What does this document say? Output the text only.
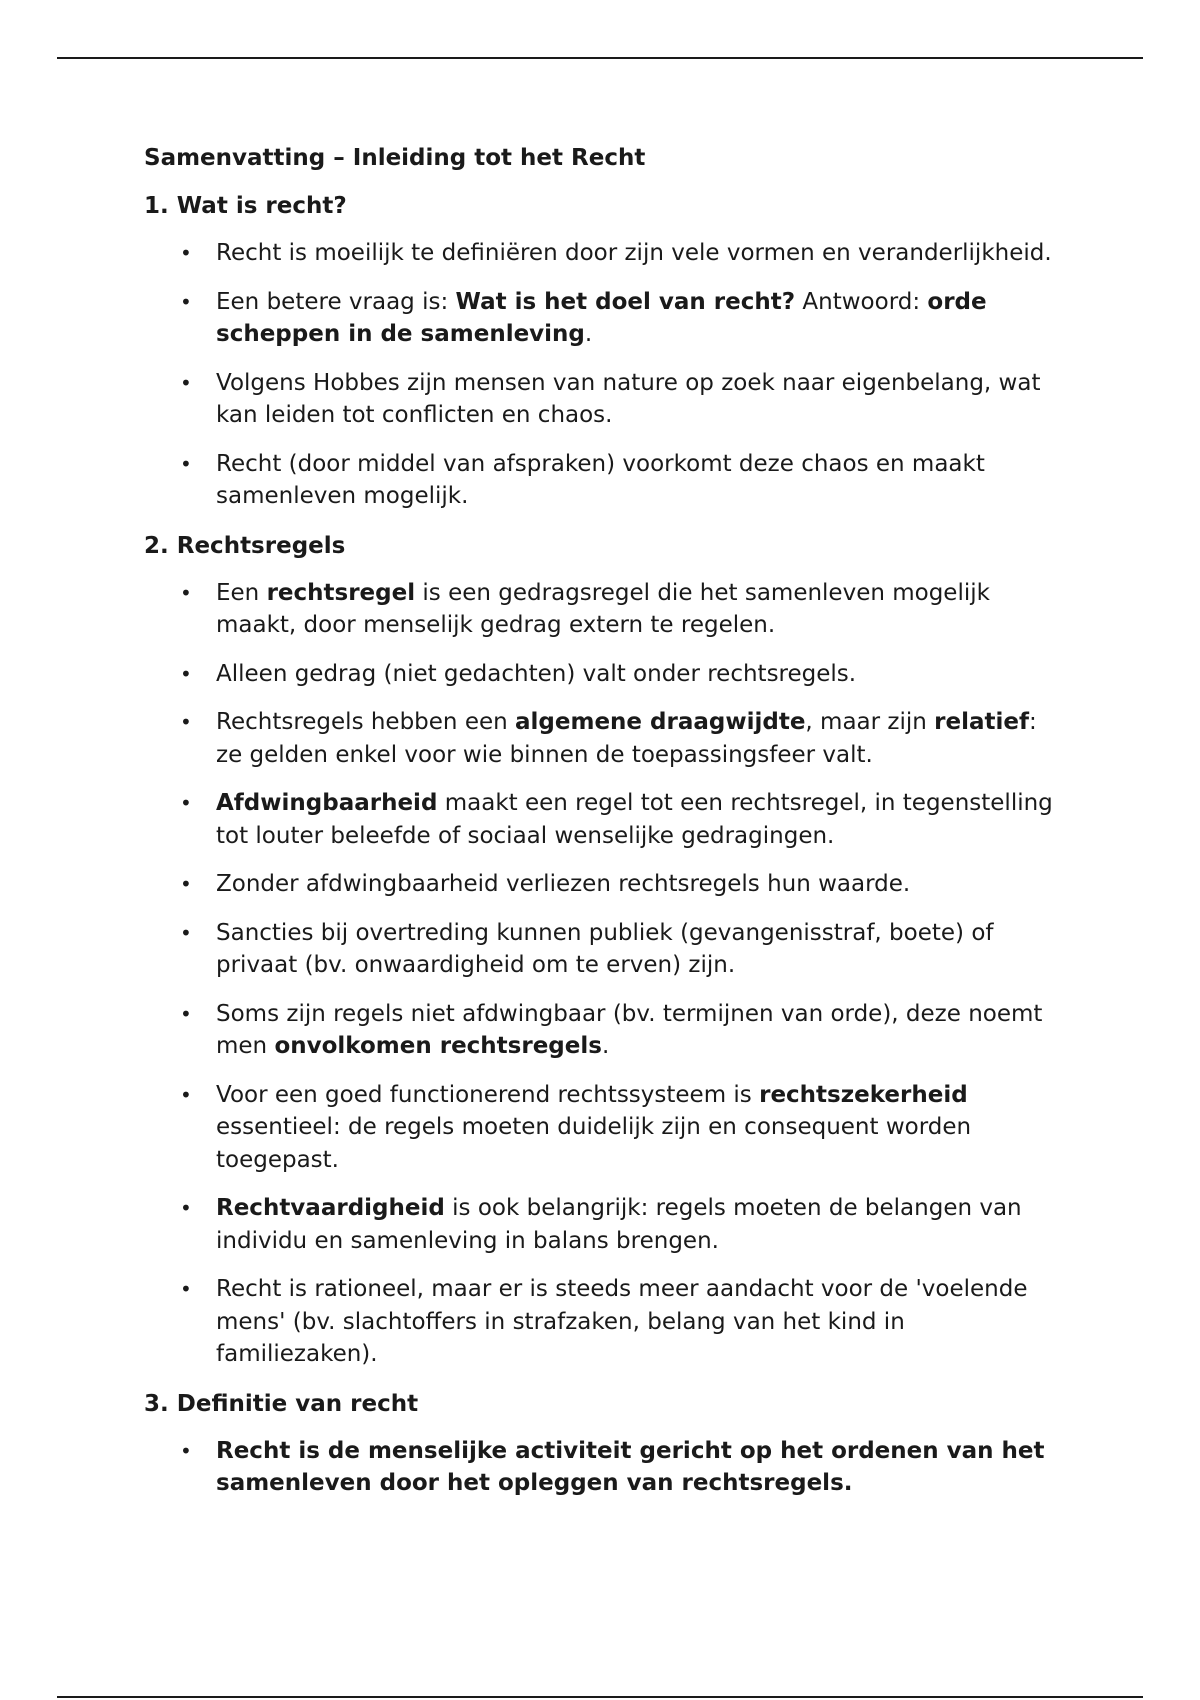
Samenvatting – Inleiding tot het Recht
1. Wat is recht?
• Recht is moeilijk te definiëren door zijn vele vormen en veranderlijkheid.
• Een betere vraag is: Wat is het doel van recht? Antwoord: orde scheppen in de samenleving.
• Volgens Hobbes zijn mensen van nature op zoek naar eigenbelang, wat kan leiden tot conflicten en chaos.
• Recht (door middel van afspraken) voorkomt deze chaos en maakt samenleven mogelijk.
2. Rechtsregels
• Een rechtsregel is een gedragsregel die het samenleven mogelijk maakt, door menselijk gedrag extern te regelen.
• Alleen gedrag (niet gedachten) valt onder rechtsregels.
• Rechtsregels hebben een algemene draagwijdte, maar zijn relatief: ze gelden enkel voor wie binnen de toepassingsfeer valt.
• Afdwingbaarheid maakt een regel tot een rechtsregel, in tegenstelling tot louter beleefde of sociaal wenselijke gedragingen.
• Zonder afdwingbaarheid verliezen rechtsregels hun waarde.
• Sancties bij overtreding kunnen publiek (gevangenisstraf, boete) of privaat (bv. onwaardigheid om te erven) zijn.
• Soms zijn regels niet afdwingbaar (bv. termijnen van orde), deze noemt men onvolkomen rechtsregels.
• Voor een goed functionerend rechtssysteem is rechtszekerheid essentieel: de regels moeten duidelijk zijn en consequent worden toegepast.
• Rechtvaardigheid is ook belangrijk: regels moeten de belangen van individu en samenleving in balans brengen.
• Recht is rationeel, maar er is steeds meer aandacht voor de 'voelende mens' (bv. slachtoffers in strafzaken, belang van het kind in familiezaken).
3. Definitie van recht
• Recht is de menselijke activiteit gericht op het ordenen van het samenleven door het opleggen van rechtsregels.
